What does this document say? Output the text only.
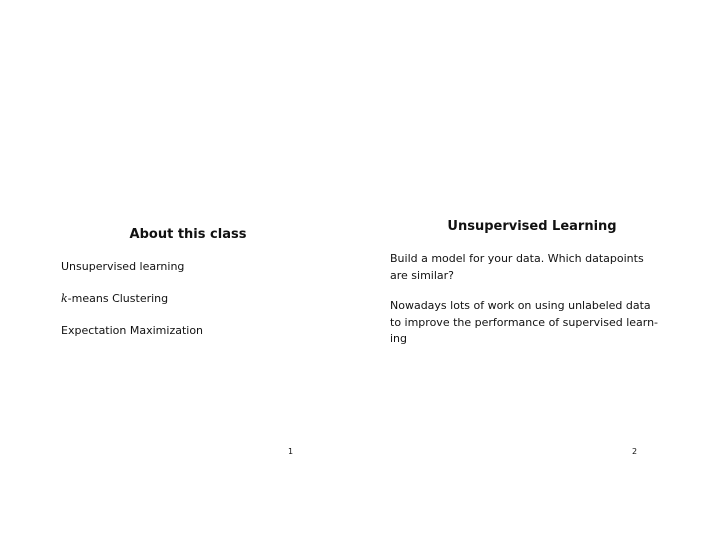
About this class
Unsupervised learning
k-means Clustering
Expectation Maximization
1
Unsupervised Learning
Build a model for your data. Which datapoints
are similar?
Nowadays lots of work on using unlabeled data
to improve the performance of supervised learn-
ing
2
